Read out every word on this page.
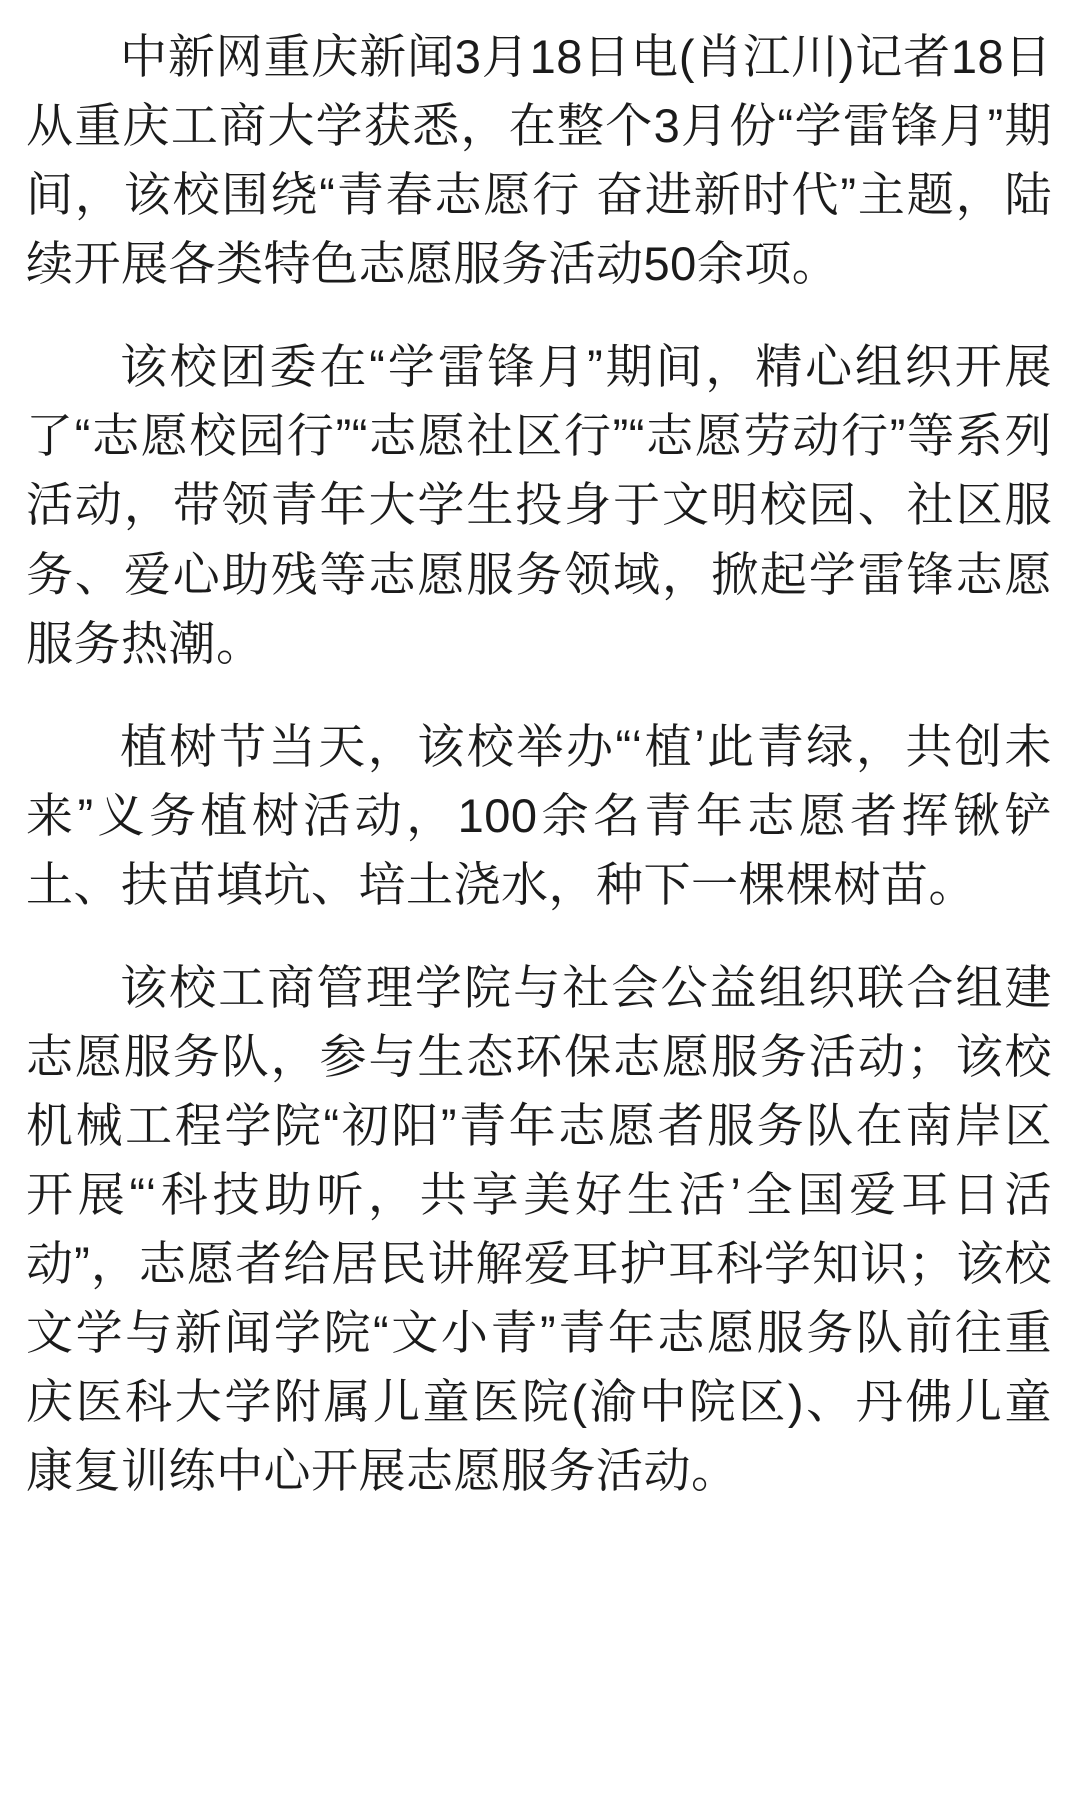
中新网重庆新闻3月18日电(肖江川)记者18日从重庆工商大学获悉，在整个3月份“学雷锋月”期间，该校围绕“青春志愿行 奋进新时代”主题，陆续开展各类特色志愿服务活动50余项。

该校团委在“学雷锋月”期间，精心组织开展了“志愿校园行”“志愿社区行”“志愿劳动行”等系列活动，带领青年大学生投身于文明校园、社区服务、爱心助残等志愿服务领域，掀起学雷锋志愿服务热潮。

植树节当天，该校举办“‘植’此青绿，共创未来”义务植树活动，100余名青年志愿者挥锹铲土、扶苗填坑、培土浇水，种下一棵棵树苗。

该校工商管理学院与社会公益组织联合组建志愿服务队，参与生态环保志愿服务活动；该校机械工程学院“初阳”青年志愿者服务队在南岸区开展“‘科技助听，共享美好生活’全国爱耳日活动”，志愿者给居民讲解爱耳护耳科学知识；该校文学与新闻学院“文小青”青年志愿服务队前往重庆医科大学附属儿童医院(渝中院区)、丹佛儿童康复训练中心开展志愿服务活动。
